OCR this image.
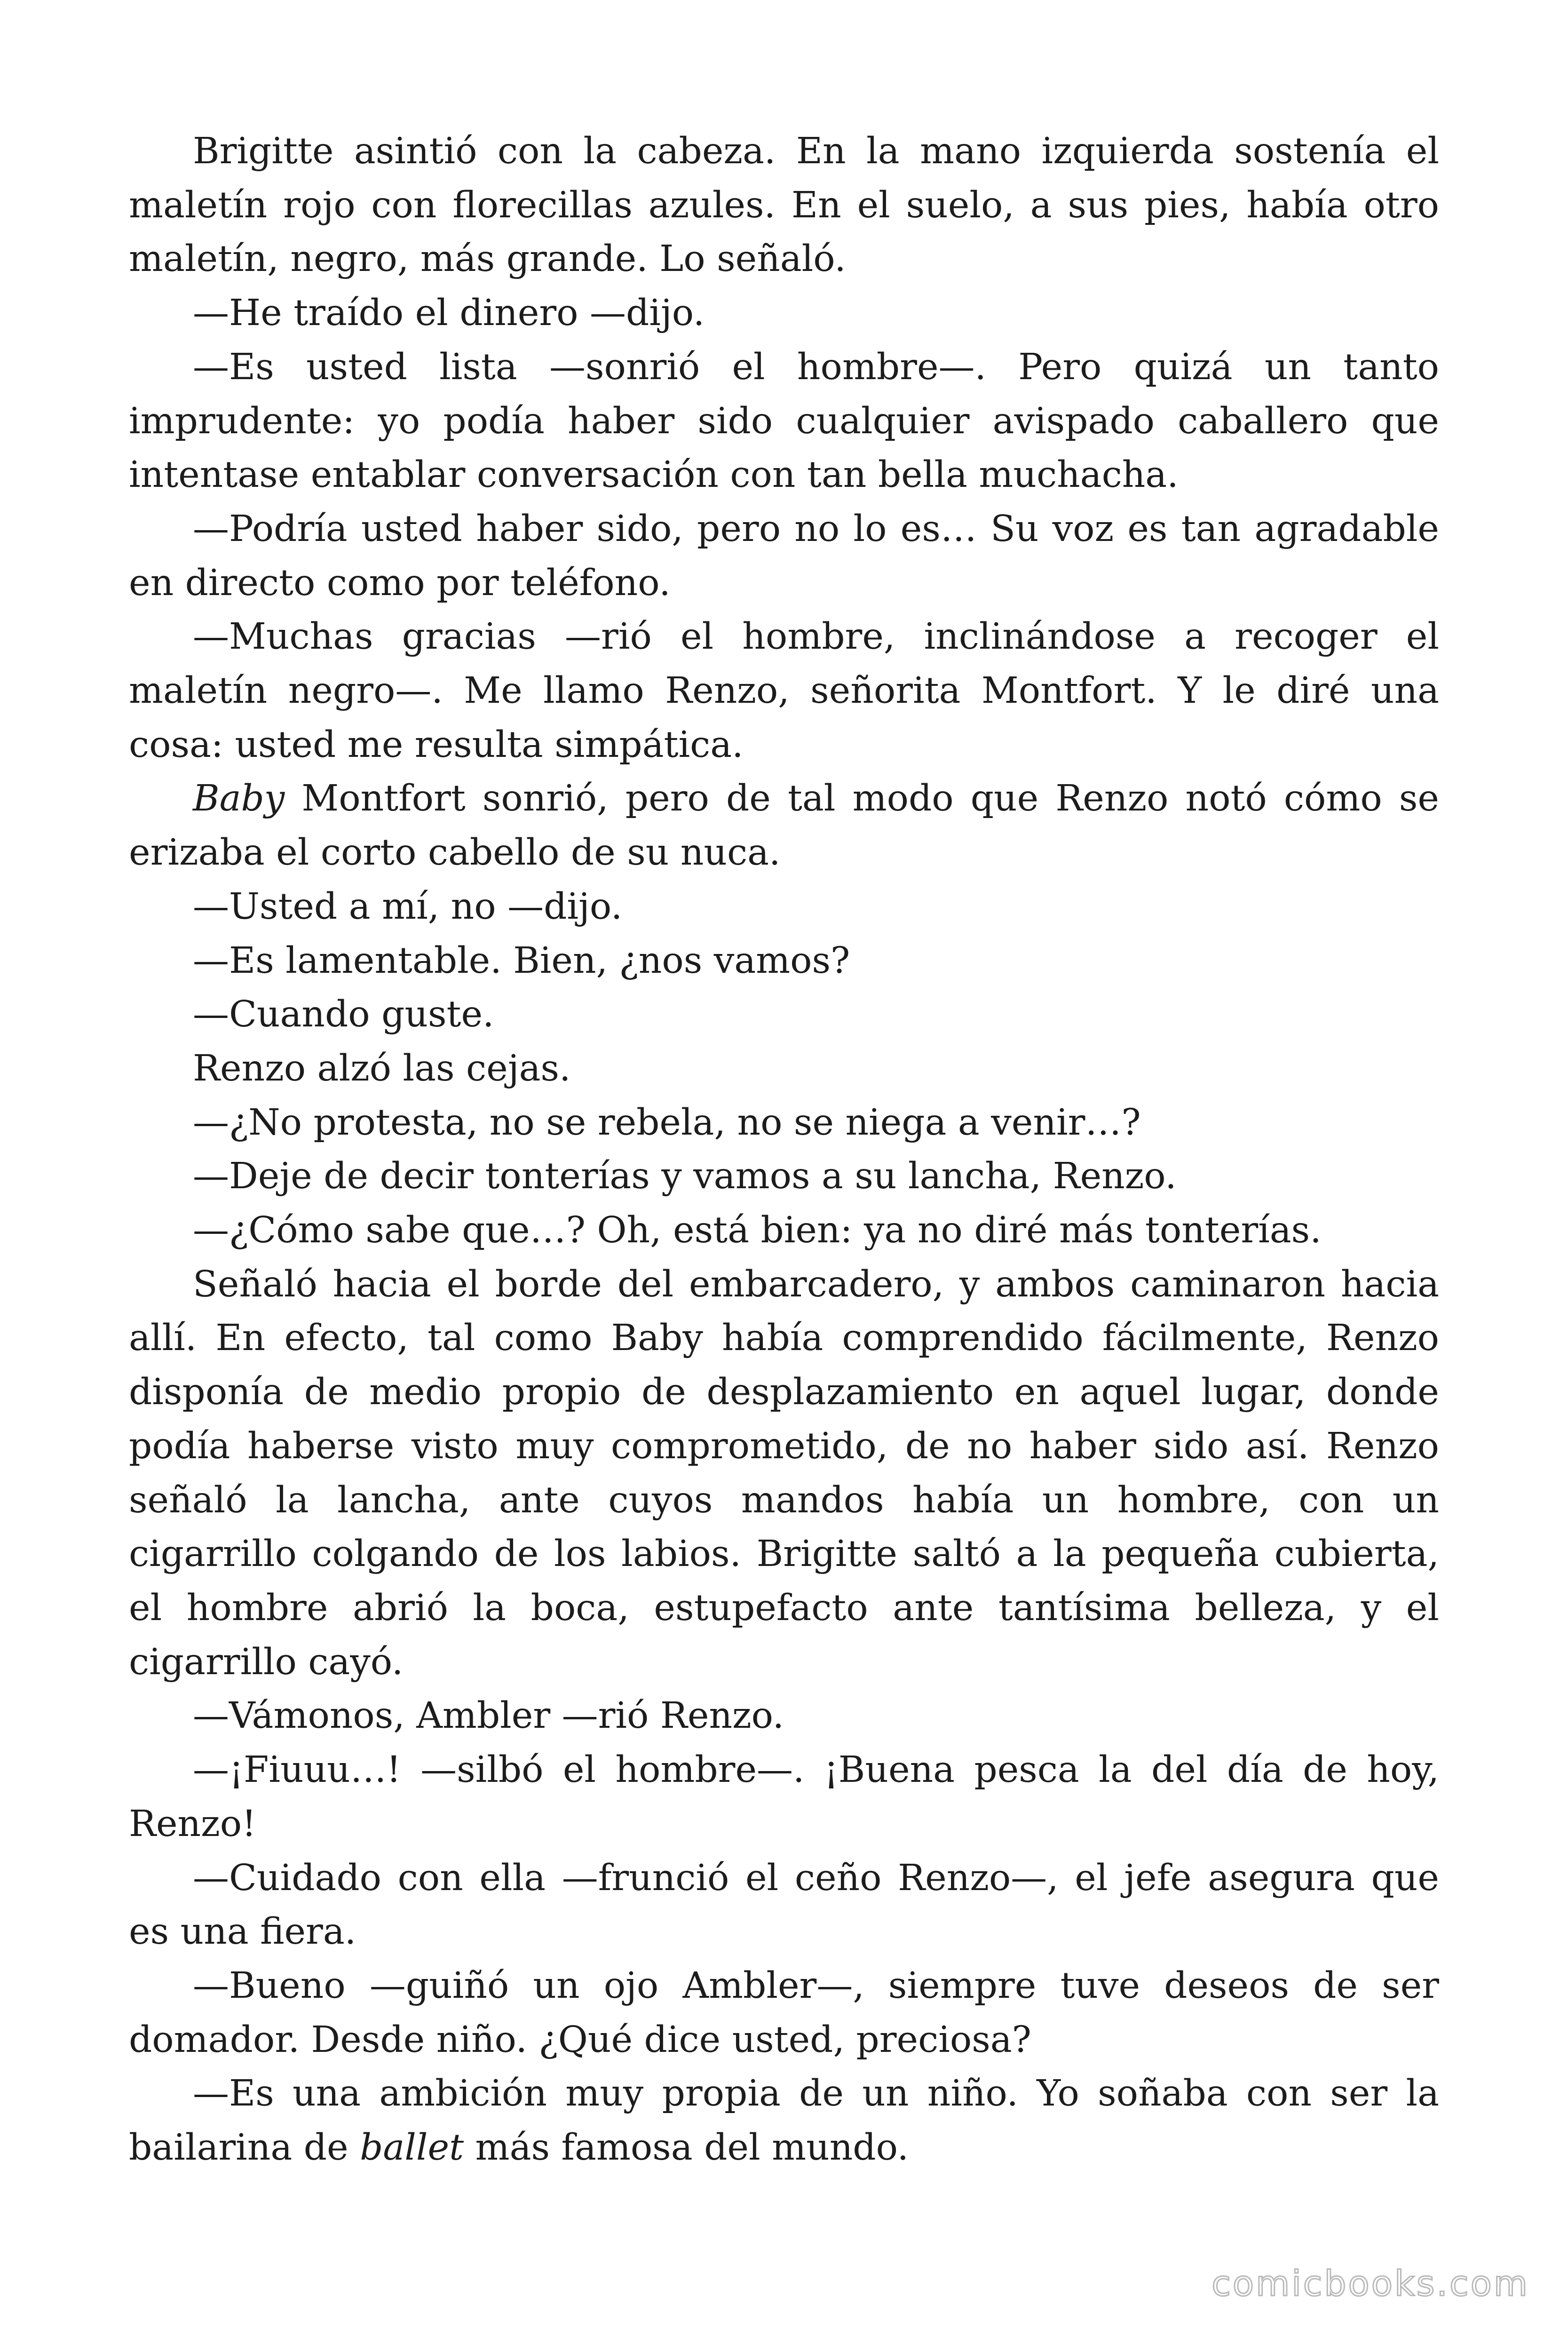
Brigitte asintió con la cabeza. En la mano izquierda sostenía el maletín rojo con florecillas azules. En el suelo, a sus pies, había otro maletín, negro, más grande. Lo señaló.

—He traído el dinero —dijo.

—Es usted lista —sonrió el hombre—. Pero quizá un tanto imprudente: yo podía haber sido cualquier avispado caballero que intentase entablar conversación con tan bella muchacha.

—Podría usted haber sido, pero no lo es… Su voz es tan agradable en directo como por teléfono.

—Muchas gracias —rió el hombre, inclinándose a recoger el maletín negro—. Me llamo Renzo, señorita Montfort. Y le diré una cosa: usted me resulta simpática.

Baby Montfort sonrió, pero de tal modo que Renzo notó cómo se erizaba el corto cabello de su nuca.

—Usted a mí, no —dijo.

—Es lamentable. Bien, ¿nos vamos?

—Cuando guste.

Renzo alzó las cejas.

—¿No protesta, no se rebela, no se niega a venir…?

—Deje de decir tonterías y vamos a su lancha, Renzo.

—¿Cómo sabe que…? Oh, está bien: ya no diré más tonterías.

Señaló hacia el borde del embarcadero, y ambos caminaron hacia allí. En efecto, tal como Baby había comprendido fácilmente, Renzo disponía de medio propio de desplazamiento en aquel lugar, donde podía haberse visto muy comprometido, de no haber sido así. Renzo señaló la lancha, ante cuyos mandos había un hombre, con un cigarrillo colgando de los labios. Brigitte saltó a la pequeña cubierta, el hombre abrió la boca, estupefacto ante tantísima belleza, y el cigarrillo cayó.

—Vámonos, Ambler —rió Renzo.

—¡Fiuuu…! —silbó el hombre—. ¡Buena pesca la del día de hoy, Renzo!

—Cuidado con ella —frunció el ceño Renzo—, el jefe asegura que es una fiera.

—Bueno —guiñó un ojo Ambler—, siempre tuve deseos de ser domador. Desde niño. ¿Qué dice usted, preciosa?

—Es una ambición muy propia de un niño. Yo soñaba con ser la bailarina de ballet más famosa del mundo.

comicbooks.com
